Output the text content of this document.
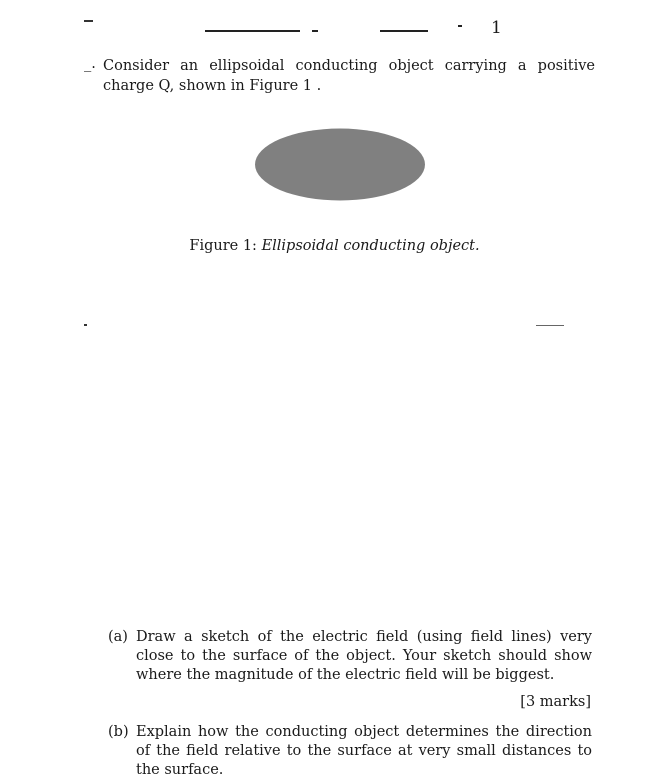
1
_. Consider an ellipsoidal conducting object carrying a positive charge Q, shown in Figure 1 .
Figure 1: Ellipsoidal conducting object.
(a) Draw a sketch of the electric field (using field lines) very close to the surface of the object. Your sketch should show where the magnitude of the electric field will be biggest.
[3 marks]
(b) Explain how the conducting object determines the direction of the field relative to the surface at very small distances to the surface.
